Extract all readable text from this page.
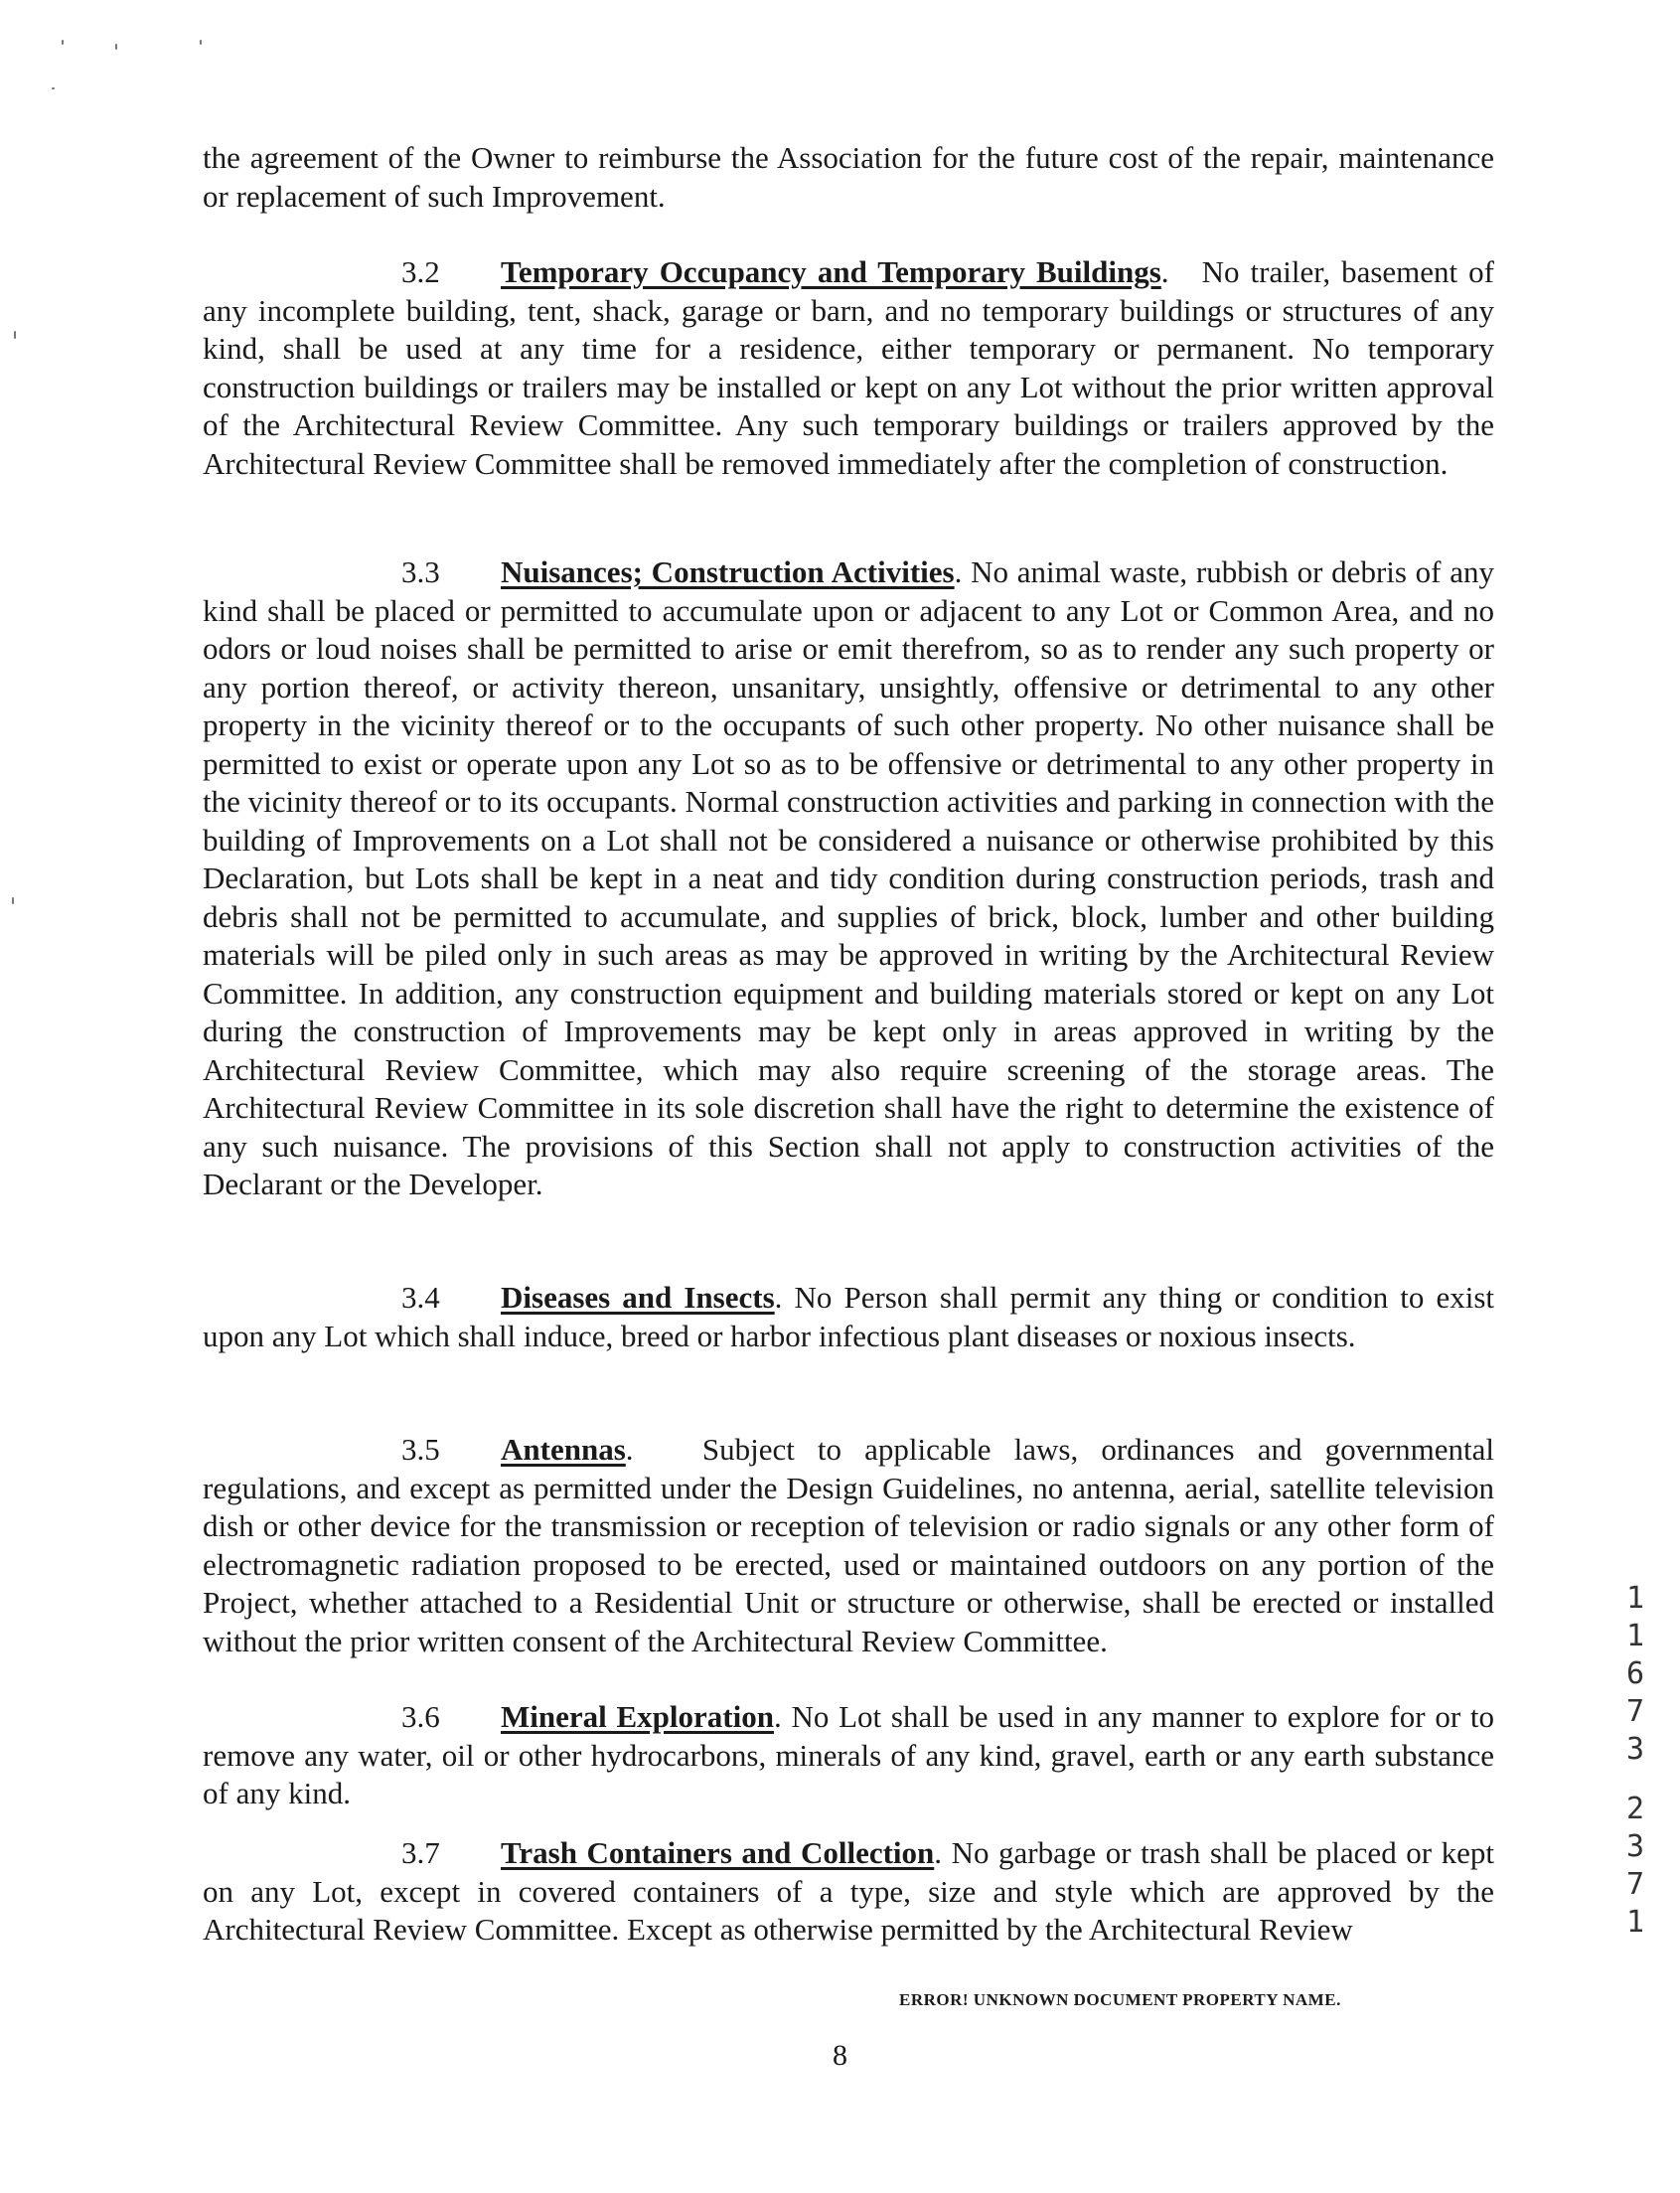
the agreement of the Owner to reimburse the Association for the future cost of the repair, maintenance or replacement of such Improvement.

3.2 Temporary Occupancy and Temporary Buildings.   No trailer, basement of any incomplete building, tent, shack, garage or barn, and no temporary buildings or structures of any kind, shall be used at any time for a residence, either temporary or permanent. No temporary construction buildings or trailers may be installed or kept on any Lot without the prior written approval of the Architectural Review Committee. Any such temporary buildings or trailers approved by the Architectural Review Committee shall be removed immediately after the completion of construction.

3.3 Nuisances; Construction Activities. No animal waste, rubbish or debris of any kind shall be placed or permitted to accumulate upon or adjacent to any Lot or Common Area, and no odors or loud noises shall be permitted to arise or emit therefrom, so as to render any such property or any portion thereof, or activity thereon, unsanitary, unsightly, offensive or detrimental to any other property in the vicinity thereof or to the occupants of such other property. No other nuisance shall be permitted to exist or operate upon any Lot so as to be offensive or detrimental to any other property in the vicinity thereof or to its occupants. Normal construction activities and parking in connection with the building of Improvements on a Lot shall not be considered a nuisance or otherwise prohibited by this Declaration, but Lots shall be kept in a neat and tidy condition during construction periods, trash and debris shall not be permitted to accumulate, and supplies of brick, block, lumber and other building materials will be piled only in such areas as may be approved in writing by the Architectural Review Committee. In addition, any construction equipment and building materials stored or kept on any Lot during the construction of Improvements may be kept only in areas approved in writing by the Architectural Review Committee, which may also require screening of the storage areas. The Architectural Review Committee in its sole discretion shall have the right to determine the existence of any such nuisance. The provisions of this Section shall not apply to construction activities of the Declarant or the Developer.

3.4 Diseases and Insects. No Person shall permit any thing or condition to exist upon any Lot which shall induce, breed or harbor infectious plant diseases or noxious insects.

3.5 Antennas.   Subject to applicable laws, ordinances and governmental regulations, and except as permitted under the Design Guidelines, no antenna, aerial, satellite television dish or other device for the transmission or reception of television or radio signals or any other form of electromagnetic radiation proposed to be erected, used or maintained outdoors on any portion of the Project, whether attached to a Residential Unit or structure or otherwise, shall be erected or installed without the prior written consent of the Architectural Review Committee.

3.6 Mineral Exploration. No Lot shall be used in any manner to explore for or to remove any water, oil or other hydrocarbons, minerals of any kind, gravel, earth or any earth substance of any kind.

3.7 Trash Containers and Collection. No garbage or trash shall be placed or kept on any Lot, except in covered containers of a type, size and style which are approved by the Architectural Review Committee. Except as otherwise permitted by the Architectural Review

ERROR! UNKNOWN DOCUMENT PROPERTY NAME.
8
1
1
6
7
3
2
3
7
1
